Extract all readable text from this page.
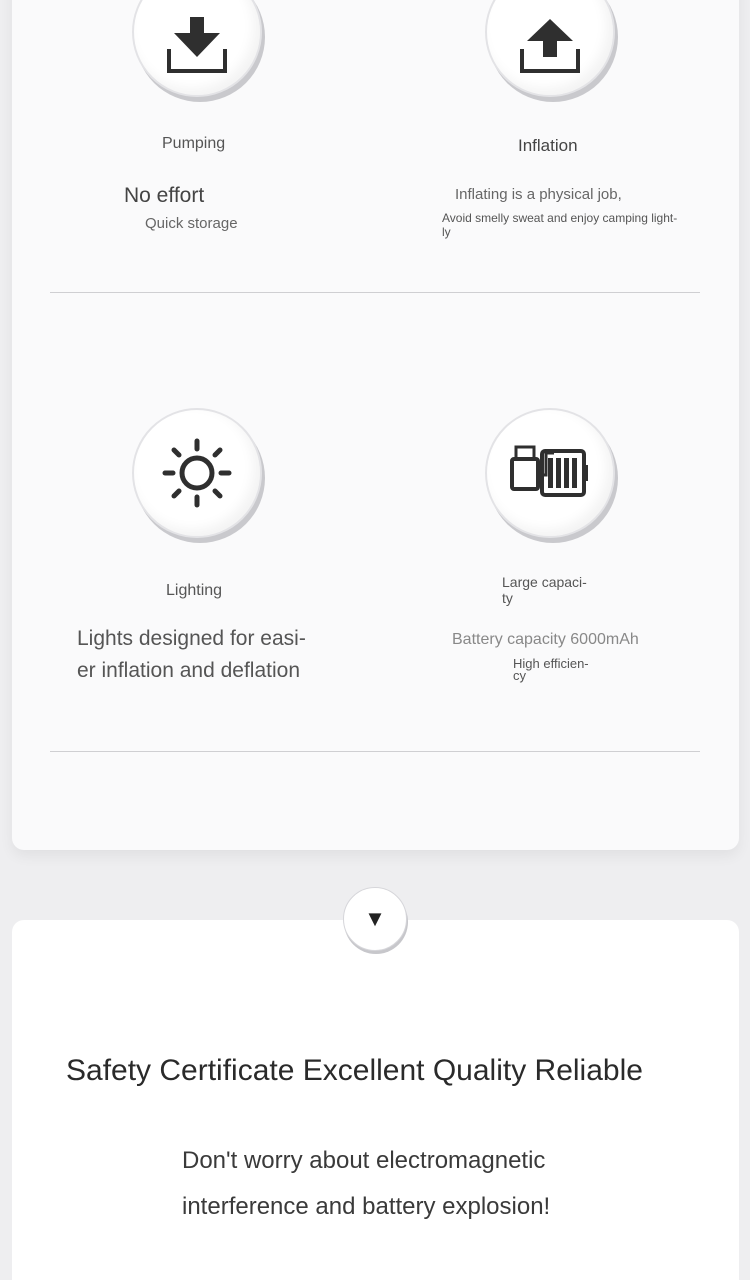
Pumping
No effort
Quick storage
Inflation
Inflating is a physical job,
Avoid smelly sweat and enjoy camping light-
ly
Lighting
Lights designed for easi-
er inflation and deflation
Large capaci-
ty
Battery capacity 6000mAh
High efficien-
cy
▼
Safety Certificate Excellent Quality Reliable
Don't worry about electromagnetic
interference and battery explosion!
